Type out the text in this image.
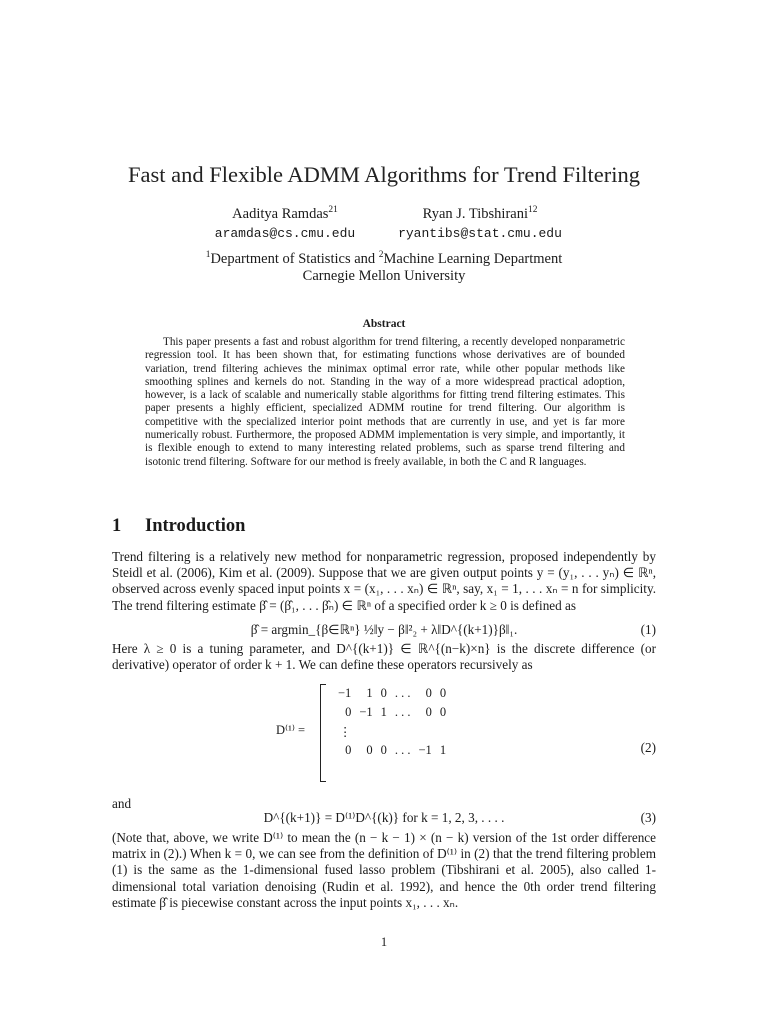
Fast and Flexible ADMM Algorithms for Trend Filtering
Aaditya Ramdas$^{21}$
aramdas@cs.cmu.edu
Ryan J. Tibshirani$^{12}$
ryantibs@stat.cmu.edu
$^1$Department of Statistics and $^2$Machine Learning Department
Carnegie Mellon University
Abstract
This paper presents a fast and robust algorithm for trend filtering, a recently developed nonparametric regression tool. It has been shown that, for estimating functions whose derivatives are of bounded variation, trend filtering achieves the minimax optimal error rate, while other popular methods like smoothing splines and kernels do not. Standing in the way of a more widespread practical adoption, however, is a lack of scalable and numerically stable algorithms for fitting trend filtering estimates. This paper presents a highly efficient, specialized ADMM routine for trend filtering. Our algorithm is competitive with the specialized interior point methods that are currently in use, and yet is far more numerically robust. Furthermore, the proposed ADMM implementation is very simple, and importantly, it is flexible enough to extend to many interesting related problems, such as sparse trend filtering and isotonic trend filtering. Software for our method is freely available, in both the C and R languages.
1 Introduction
Trend filtering is a relatively new method for nonparametric regression, proposed independently by Steidl et al. (2006), Kim et al. (2009). Suppose that we are given output points y = (y₁, . . . yₙ) ∈ ℝⁿ, observed across evenly spaced input points x = (x₁, . . . xₙ) ∈ ℝⁿ, say, x₁ = 1, . . . xₙ = n for simplicity. The trend filtering estimate β̂ = (β̂₁, . . . β̂ₙ) ∈ ℝⁿ of a specified order k ≥ 0 is defined as
β̂ = argmin_{β∈ℝⁿ} ½‖y − β‖²₂ + λ‖D^{(k+1)}β‖₁.	(1)
Here λ ≥ 0 is a tuning parameter, and D^{(k+1)} ∈ ℝ^{(n−k)×n} is the discrete difference (or derivative) operator of order k + 1. We can define these operators recursively as
D⁽¹⁾ =
−1	1	0	. . .	0	0
0	−1	1	. . .	0	0
⋮					
0	0	0	. . .	−1	1	(2)
and
D^{(k+1)} = D⁽¹⁾D^{(k)} for k = 1, 2, 3, . . . .	(3)
(Note that, above, we write D⁽¹⁾ to mean the (n − k − 1) × (n − k) version of the 1st order difference matrix in (2).) When k = 0, we can see from the definition of D⁽¹⁾ in (2) that the trend filtering problem (1) is the same as the 1-dimensional fused lasso problem (Tibshirani et al. 2005), also called 1-dimensional total variation denoising (Rudin et al. 1992), and hence the 0th order trend filtering estimate β̂ is piecewise constant across the input points x₁, . . . xₙ.
1
